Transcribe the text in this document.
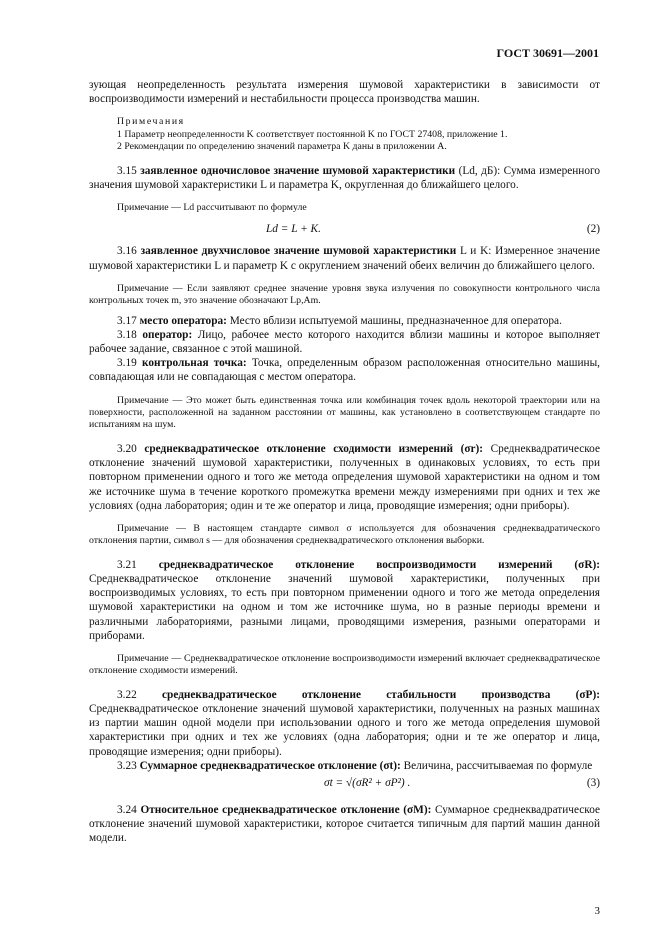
ГОСТ 30691—2001

зующая неопределенность результата измерения шумовой характеристики в зависимости от воспроизводимости измерений и нестабильности процесса производства машин.

Примечания

1 Параметр неопределенности K соответствует постоянной K по ГОСТ 27408, приложение 1.

2 Рекомендации по определению значений параметра K даны в приложении А.

3.15 заявленное одночисловое значение шумовой характеристики (Ld, дБ): Сумма измеренного значения шумовой характеристики L и параметра K, округленная до ближайшего целого.

Примечание — Ld рассчитывают по формуле

Ld = L + K.	(2)

3.16 заявленное двухчисловое значение шумовой характеристики L и K: Измеренное значение шумовой характеристики L и параметр K с округлением значений обеих величин до ближайшего целого.

Примечание — Если заявляют среднее значение уровня звука излучения по совокупности контрольного числа контрольных точек m, это значение обозначают Lp,Am.

3.17 место оператора: Место вблизи испытуемой машины, предназначенное для оператора.

3.18 оператор: Лицо, рабочее место которого находится вблизи машины и которое выполняет рабочее задание, связанное с этой машиной.

3.19 контрольная точка: Точка, определенным образом расположенная относительно машины, совпадающая или не совпадающая с местом оператора.

Примечание — Это может быть единственная точка или комбинация точек вдоль некоторой траектории или на поверхности, расположенной на заданном расстоянии от машины, как установлено в соответствующем стандарте по испытаниям на шум.

3.20 среднеквадратическое отклонение сходимости измерений (σr): Среднеквадратическое отклонение значений шумовой характеристики, полученных в одинаковых условиях, то есть при повторном применении одного и того же метода определения шумовой характеристики на одном и том же источнике шума в течение короткого промежутка времени между измерениями при одних и тех же условиях (одна лаборатория; один и те же оператор и лица, проводящие измерения; одни приборы).

Примечание — В настоящем стандарте символ σ используется для обозначения среднеквадратического отклонения партии, символ s — для обозначения среднеквадратического отклонения выборки.

3.21 среднеквадратическое отклонение воспроизводимости измерений (σR): Среднеквадратическое отклонение значений шумовой характеристики, полученных при воспроизводимых условиях, то есть при повторном применении одного и того же метода определения шумовой характеристики на одном и том же источнике шума, но в разные периоды времени и различными лабораториями, разными лицами, проводящими измерения, разными операторами и приборами.

Примечание — Среднеквадратическое отклонение воспроизводимости измерений включает среднеквадратическое отклонение сходимости измерений.

3.22 среднеквадратическое отклонение стабильности производства (σP): Среднеквадратическое отклонение значений шумовой характеристики, полученных на разных машинах из партии машин одной модели при использовании одного и того же метода определения шумовой характеристики при одних и тех же условиях (одна лаборатория; одни и те же оператор и лица, проводящие измерения; одни приборы).

3.23 Суммарное среднеквадратическое отклонение (σt): Величина, рассчитываемая по формуле

σt = √(σR² + σP²) .	(3)

3.24 Относительное среднеквадратическое отклонение (σM): Суммарное среднеквадратическое отклонение значений шумовой характеристики, которое считается типичным для партий машин данной модели.

3
